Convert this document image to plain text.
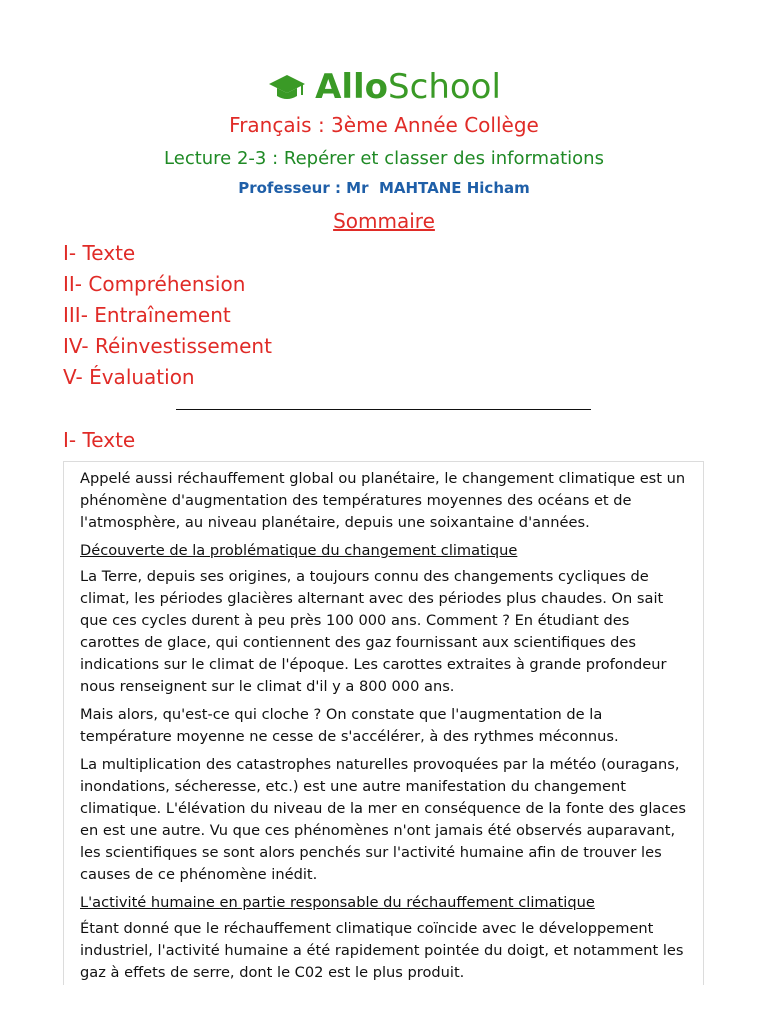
AlloSchool
Français : 3ème Année Collège
Lecture 2-3 : Repérer et classer des informations
Professeur : Mr  MAHTANE Hicham
Sommaire
I- Texte
II- Compréhension
III- Entraînement
IV- Réinvestissement
V- Évaluation
I- Texte

Appelé aussi réchauffement global ou planétaire, le changement climatique est un phénomène d'augmentation des températures moyennes des océans et de l'atmosphère, au niveau planétaire, depuis une soixantaine d'années.

Découverte de la problématique du changement climatique

La Terre, depuis ses origines, a toujours connu des changements cycliques de climat, les périodes glacières alternant avec des périodes plus chaudes. On sait que ces cycles durent à peu près 100 000 ans. Comment ? En étudiant des carottes de glace, qui contiennent des gaz fournissant aux scientifiques des indications sur le climat de l'époque. Les carottes extraites à grande profondeur nous renseignent sur le climat d'il y a 800 000 ans.

Mais alors, qu'est-ce qui cloche ? On constate que l'augmentation de la température moyenne ne cesse de s'accélérer, à des rythmes méconnus.

La multiplication des catastrophes naturelles provoquées par la météo (ouragans, inondations, sécheresse, etc.) est une autre manifestation du changement climatique. L'élévation du niveau de la mer en conséquence de la fonte des glaces en est une autre. Vu que ces phénomènes n'ont jamais été observés auparavant, les scientifiques se sont alors penchés sur l'activité humaine afin de trouver les causes de ce phénomène inédit.

L'activité humaine en partie responsable du réchauffement climatique

Étant donné que le réchauffement climatique coïncide avec le développement industriel, l'activité humaine a été rapidement pointée du doigt, et notamment les gaz à effets de serre, dont le C02 est le plus produit.
